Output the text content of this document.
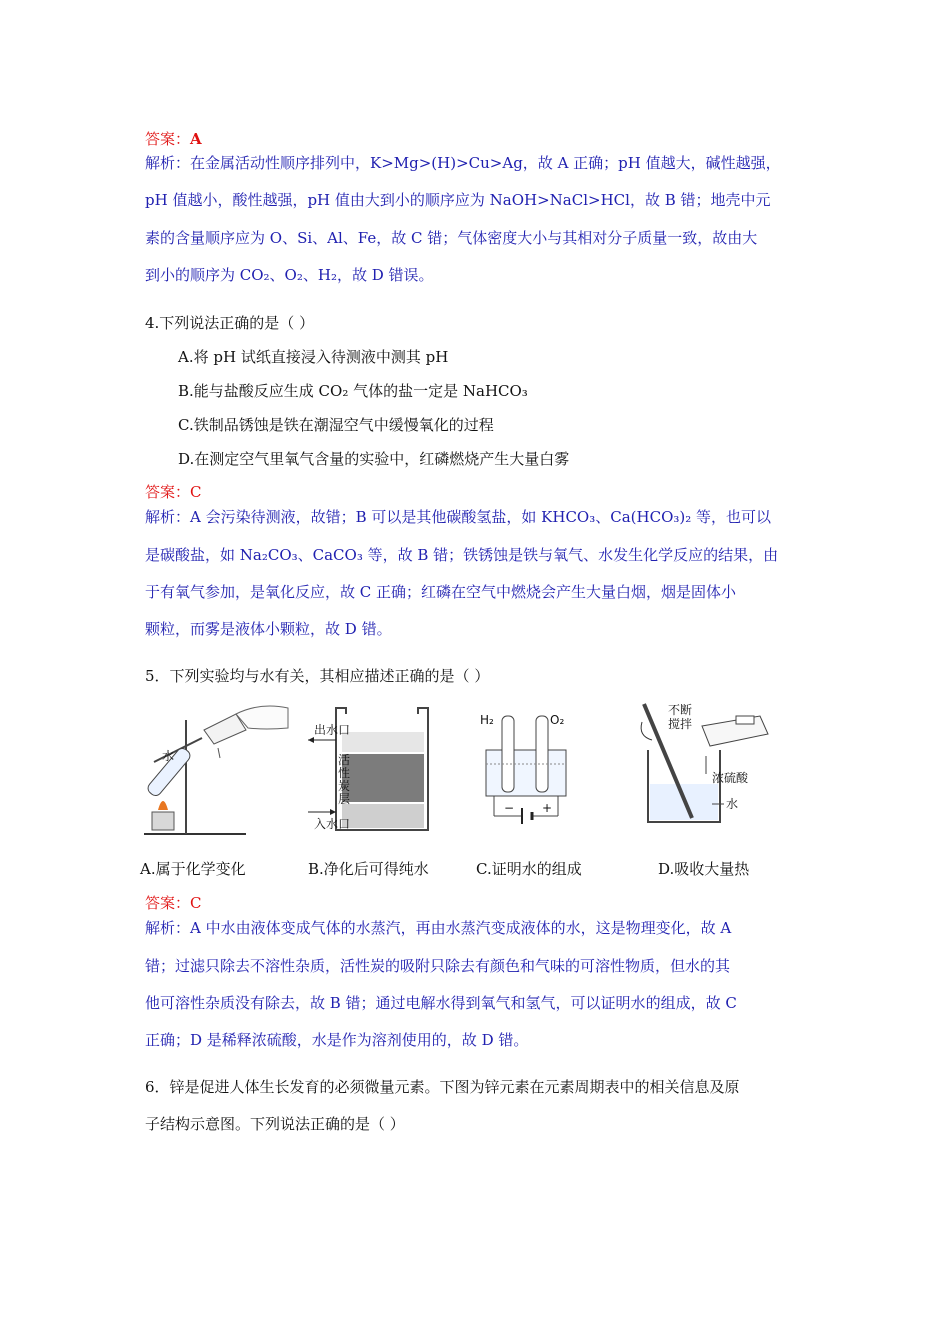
答案：A
解析：在金属活动性顺序排列中，K>Mg>(H)>Cu>Ag，故 A 正确；pH 值越大，碱性越强，
pH 值越小，酸性越强，pH 值由大到小的顺序应为 NaOH>NaCl>HCl，故 B 错；地壳中元
素的含量顺序应为 O、Si、Al、Fe，故 C 错；气体密度大小与其相对分子质量一致，故由大
到小的顺序为 CO₂、O₂、H₂，故 D 错误。
4.下列说法正确的是（ ）
A.将 pH 试纸直接浸入待测液中测其 pH
B.能与盐酸反应生成 CO₂ 气体的盐一定是 NaHCO₃
C.铁制品锈蚀是铁在潮湿空气中缓慢氧化的过程
D.在测定空气里氧气含量的实验中，红磷燃烧产生大量白雾
答案：C
解析：A 会污染待测液，故错；B 可以是其他碳酸氢盐，如 KHCO₃、Ca(HCO₃)₂ 等，也可以
是碳酸盐，如 Na₂CO₃、CaCO₃ 等，故 B 错；铁锈蚀是铁与氧气、水发生化学反应的结果，由
于有氧气参加，是氧化反应，故 C 正确；红磷在空气中燃烧会产生大量白烟，烟是固体小
颗粒，而雾是液体小颗粒，故 D 错。
5．下列实验均与水有关，其相应描述正确的是（ ）
水
出水口
入水口
活
性
炭
层
H₂	O₂
− +
不断
搅拌
浓硫酸
水
A.属于化学变化	B.净化后可得纯水	C.证明水的组成	D.吸收大量热
答案：C
解析：A 中水由液体变成气体的水蒸汽，再由水蒸汽变成液体的水，这是物理变化，故 A
错；过滤只除去不溶性杂质，活性炭的吸附只除去有颜色和气味的可溶性物质，但水的其
他可溶性杂质没有除去，故 B 错；通过电解水得到氧气和氢气，可以证明水的组成，故 C
正确；D 是稀释浓硫酸，水是作为溶剂使用的，故 D 错。
6．锌是促进人体生长发育的必须微量元素。下图为锌元素在元素周期表中的相关信息及原
子结构示意图。下列说法正确的是（ ）
